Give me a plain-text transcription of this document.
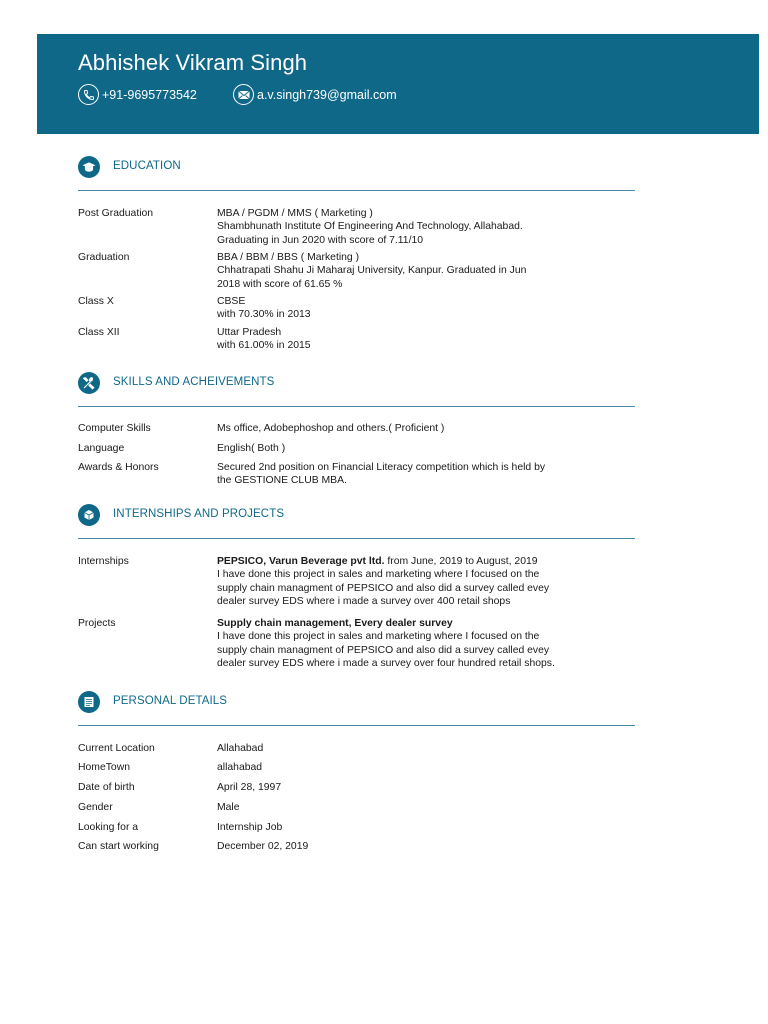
Abhishek Vikram Singh
+91-9695773542	a.v.singh739@gmail.com
EDUCATION
Post Graduation	MBA / PGDM / MMS ( Marketing )
Shambhunath Institute Of Engineering And Technology, Allahabad.
Graduating in Jun 2020 with score of 7.11/10
Graduation	BBA / BBM / BBS ( Marketing )
Chhatrapati Shahu Ji Maharaj University, Kanpur. Graduated in Jun
2018 with score of 61.65 %
Class X	CBSE
with 70.30% in 2013
Class XII	Uttar Pradesh
with 61.00% in 2015
SKILLS AND ACHEIVEMENTS
Computer Skills	Ms office, Adobephoshop and others.( Proficient )
Language	English( Both )
Awards & Honors	Secured 2nd position on Financial Literacy competition which is held by
the GESTIONE CLUB MBA.
INTERNSHIPS AND PROJECTS
Internships	PEPSICO, Varun Beverage pvt ltd. from June, 2019 to August, 2019
I have done this project in sales and marketing where I focused on the
supply chain managment of PEPSICO and also did a survey called evey
dealer survey EDS where i made a survey over 400 retail shops
Projects	Supply chain management, Every dealer survey
I have done this project in sales and marketing where I focused on the
supply chain managment of PEPSICO and also did a survey called evey
dealer survey EDS where i made a survey over four hundred retail shops.
PERSONAL DETAILS
Current Location	Allahabad
HomeTown	allahabad
Date of birth	April 28, 1997
Gender	Male
Looking for a	Internship Job
Can start working	December 02, 2019
